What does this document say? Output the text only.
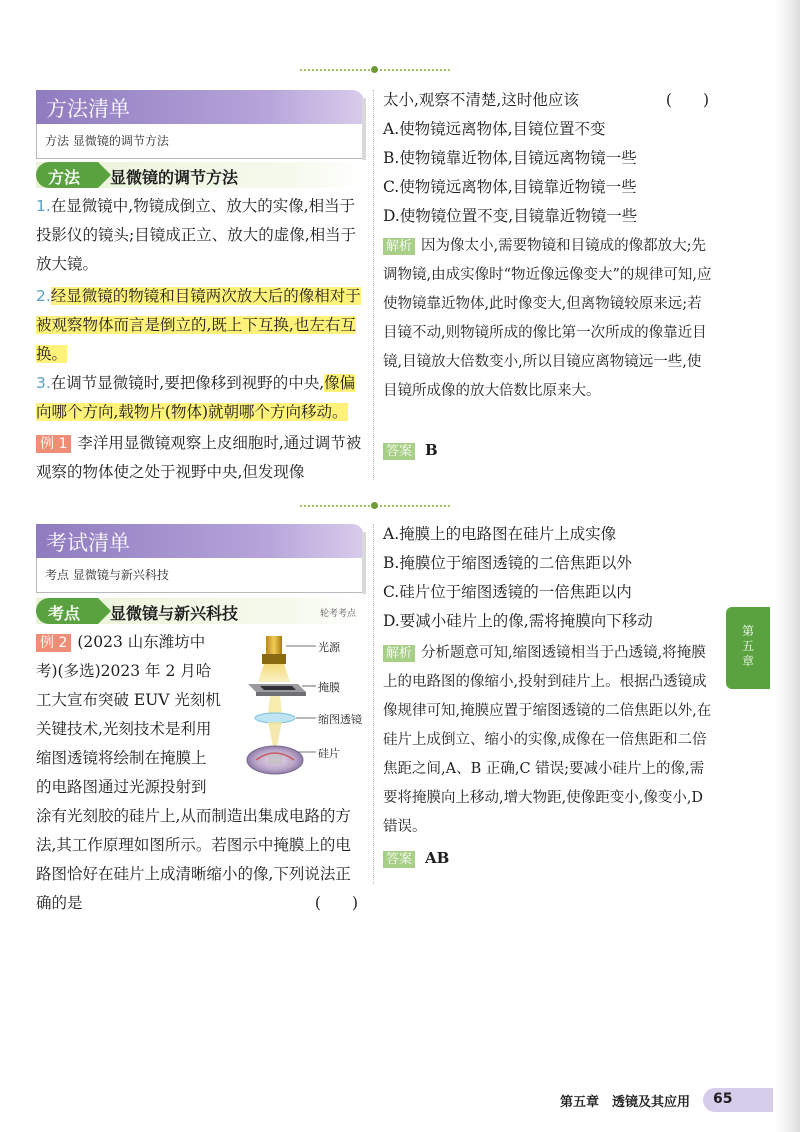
方法清单
方法 显微镜的调节方法
方法 显微镜的调节方法
1.在显微镜中,物镜成倒立、放大的实像,相当于投影仪的镜头;目镜成正立、放大的虚像,相当于放大镜。
2.经显微镜的物镜和目镜两次放大后的像相对于被观察物体而言是倒立的,既上下互换,也左右互换。
3.在调节显微镜时,要把像移到视野的中央,像偏向哪个方向,载物片(物体)就朝哪个方向移动。
例 1 李洋用显微镜观察上皮细胞时,通过调节被观察的物体使之处于视野中央,但发现像
太小,观察不清楚,这时他应该	(　　)
A.使物镜远离物体,目镜位置不变
B.使物镜靠近物体,目镜远离物镜一些
C.使物镜远离物体,目镜靠近物镜一些
D.使物镜位置不变,目镜靠近物镜一些
解析 因为像太小,需要物镜和目镜成的像都放大;先调物镜,由成实像时“物近像远像变大”的规律可知,应使物镜靠近物体,此时像变大,但离物镜较原来远;若目镜不动,则物镜所成的像比第一次所成的像靠近目镜,目镜放大倍数变小,所以目镜应离物镜远一些,使目镜所成像的放大倍数比原来大。
答案 B
考试清单
考点 显微镜与新兴科技
考点 显微镜与新兴科技	轮考考点
例 2 (2023 山东潍坊中
考)(多选)2023 年 2 月哈
工大宣布突破 EUV 光刻机
关键技术,光刻技术是利用
缩图透镜将绘制在掩膜上
的电路图通过光源投射到
涂有光刻胶的硅片上,从而制造出集成电路的方法,其工作原理如图所示。若图示中掩膜上的电路图恰好在硅片上成清晰缩小的像,下列说法正确的是	(　　)
光源
掩膜
缩图透镜
硅片
A.掩膜上的电路图在硅片上成实像
B.掩膜位于缩图透镜的二倍焦距以外
C.硅片位于缩图透镜的一倍焦距以内
D.要减小硅片上的像,需将掩膜向下移动
解析 分析题意可知,缩图透镜相当于凸透镜,将掩膜上的电路图的像缩小,投射到硅片上。根据凸透镜成像规律可知,掩膜应置于缩图透镜的二倍焦距以外,在硅片上成倒立、缩小的实像,成像在一倍焦距和二倍焦距之间,A、B 正确,C 错误;要减小硅片上的像,需要将掩膜向上移动,增大物距,使像距变小,像变小,D 错误。
答案 AB
第五章
第五章　透镜及其应用 65
